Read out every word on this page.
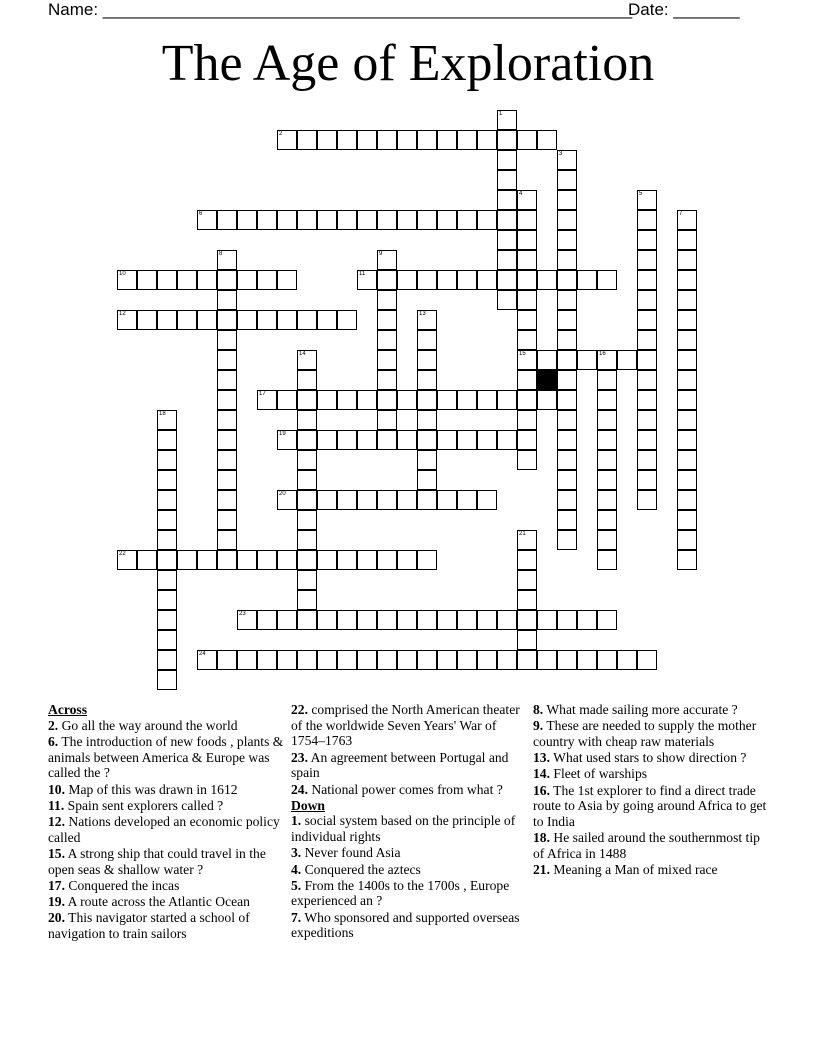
Name: ________________________________________________________
Date: _______
The Age of Exploration
1
2
3
4
15
5
6	7
8	9
10	11
12	13
14	16
17
18
19
20
21
22
23
24
Across
2. Go all the way around the world
6. The introduction of new foods , plants & animals between America & Europe was called the ?
10. Map of this was drawn in 1612
11. Spain sent explorers called ?
12. Nations developed an economic policy called
15. A strong ship that could travel in the open seas & shallow water ?
17. Conquered the incas
19. A route across the Atlantic Ocean
20. This navigator started a school of navigation to train sailors
22. comprised the North American theater of the worldwide Seven Years' War of 1754–1763
23. An agreement between Portugal and spain
24. National power comes from what ?
Down
1. social system based on the principle of individual rights
3. Never found Asia
4. Conquered the aztecs
5. From the 1400s to the 1700s , Europe experienced an ?
7. Who sponsored and supported overseas expeditions
8. What made sailing more accurate ?
9. These are needed to supply the mother country with cheap raw materials
13. What used stars to show direction ?
14. Fleet of warships
16. The 1st explorer to find a direct trade route to Asia by going around Africa to get to India
18. He sailed around the southernmost tip of Africa in 1488
21. Meaning a Man of mixed race
